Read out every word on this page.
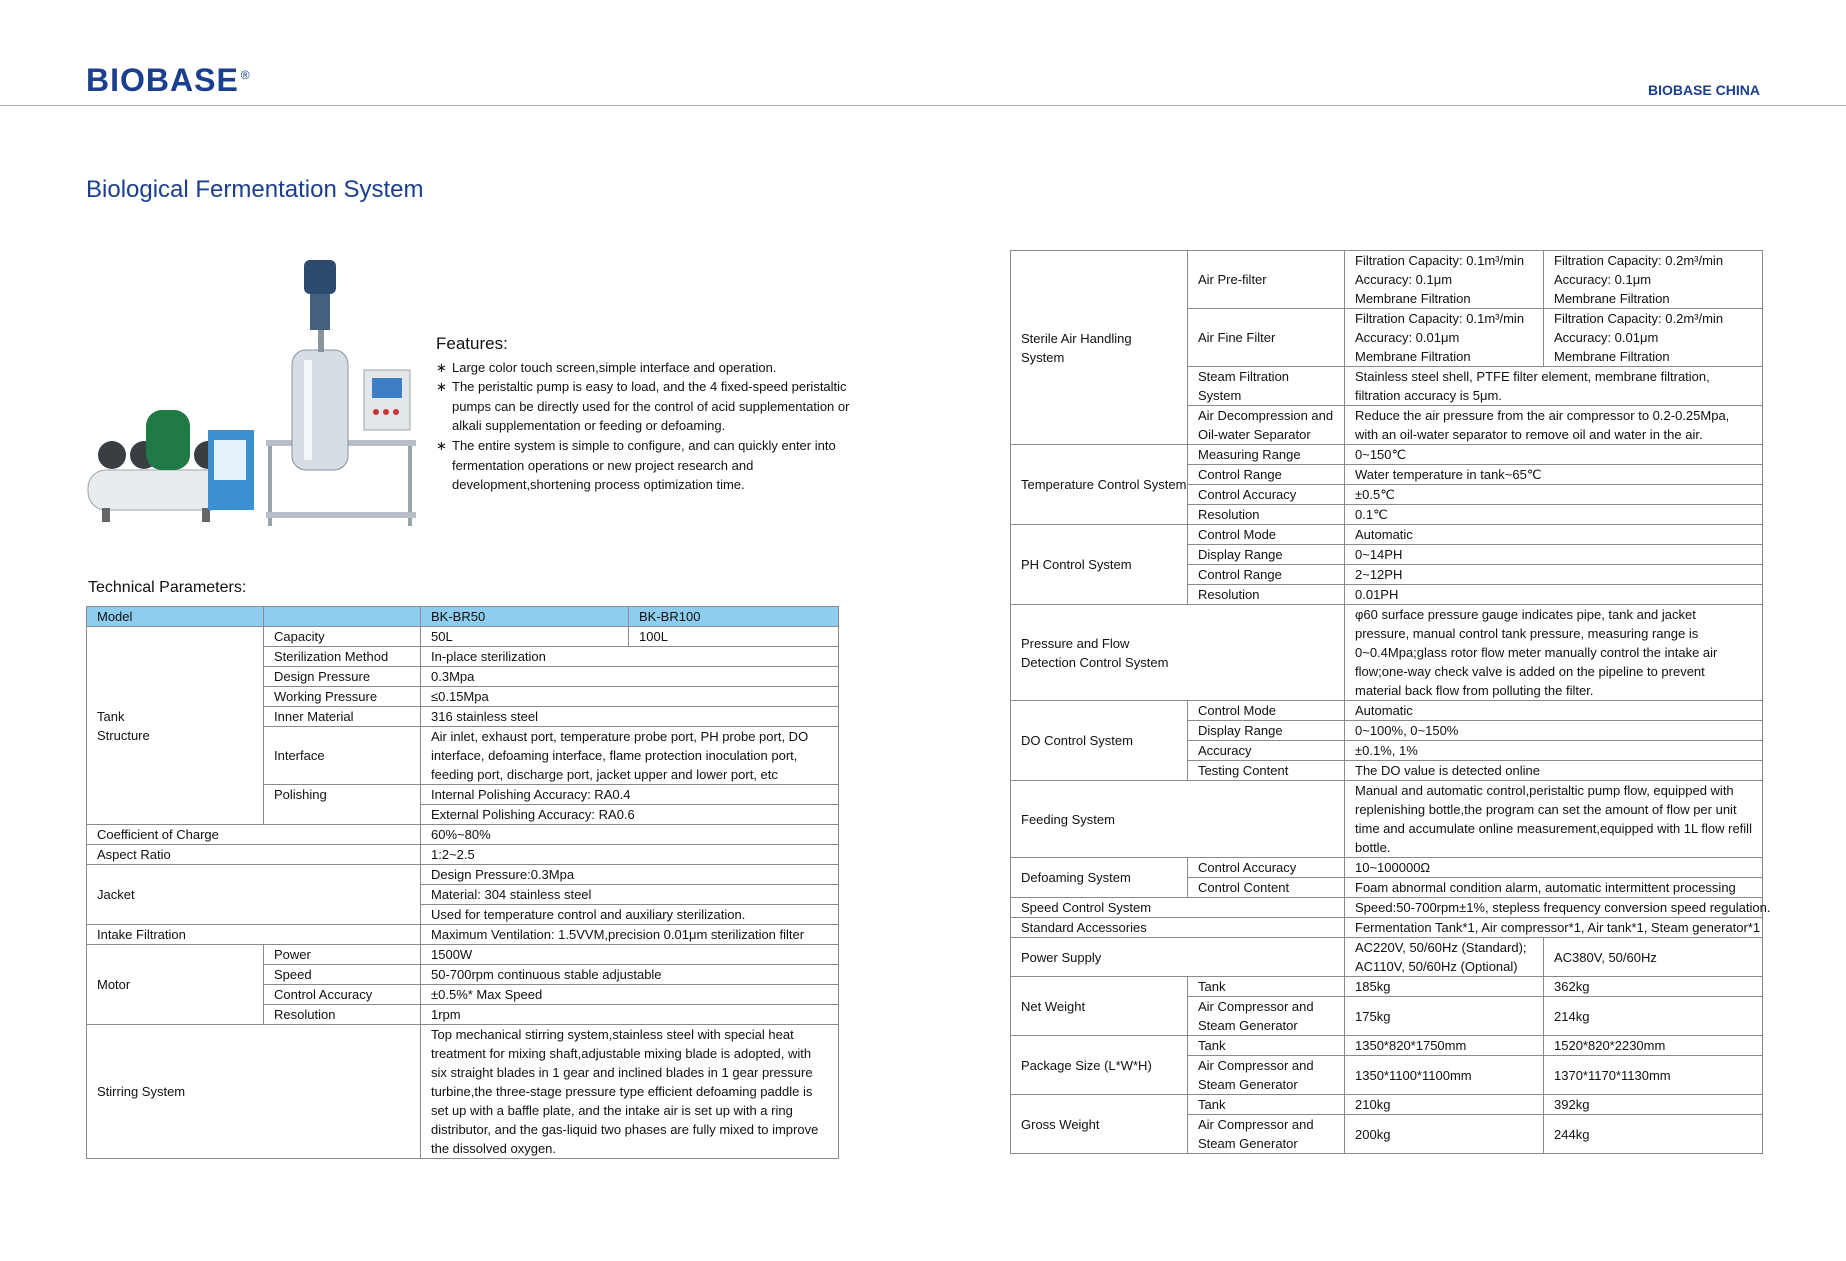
BIOBASE ®
BIOBASE CHINA
Biological Fermentation System
Features:
∗ Large color touch screen,simple interface and operation.
∗ The peristaltic pump is easy to load, and the 4 fixed-speed peristaltic pumps can be directly used for the control of acid supplementation or alkali supplementation or feeding or defoaming.
∗ The entire system is simple to configure, and can quickly enter into fermentation operations or new project research and development,shortening process optimization time.
Technical Parameters:
Model		BK-BR50	BK-BR100
Tank
Structure	Capacity	50L	100L
	Sterilization Method	In-place sterilization	
	Design Pressure	0.3Mpa	
	Working Pressure	≤0.15Mpa	
	Inner Material	316 stainless steel	
	Interface	Air inlet, exhaust port, temperature probe port, PH probe port, DO interface, defoaming interface, flame protection inoculation port, feeding port, discharge port, jacket upper and lower port, etc	

	Polishing	Internal Polishing Accuracy: RA0.4	
		External Polishing Accuracy: RA0.6	
Coefficient of Charge		60%~80%	
Aspect Ratio		1:2~2.5	
Jacket		Design Pressure:0.3Mpa	
		Material: 304 stainless steel	
		Used for temperature control and auxiliary sterilization.	
Intake Filtration		Maximum Ventilation: 1.5VVM,precision 0.01μm sterilization filter	
Motor	Power	1500W	
	Speed	50-700rpm continuous stable adjustable	
	Control Accuracy	±0.5%* Max Speed	
	Resolution	1rpm	
Stirring System		Top mechanical stirring system,stainless steel with special heat treatment for mixing shaft,adjustable mixing blade is adopted, with six straight blades in 1 gear and inclined blades in 1 gear pressure turbine,the three-stage pressure type efficient defoaming paddle is set up with a baffle plate, and the intake air is set up with a ring distributor, and the gas-liquid two phases are fully mixed to improve the dissolved oxygen.	

Sterile Air Handling System	Air Pre-filter	Filtration Capacity: 0.1m³/min
Accuracy: 0.1μm
Membrane Filtration	Filtration Capacity: 0.2m³/min
Accuracy: 0.1μm
Membrane Filtration

	Air Fine Filter	Filtration Capacity: 0.1m³/min
Accuracy: 0.01μm
Membrane Filtration	Filtration Capacity: 0.2m³/min
Accuracy: 0.01μm
Membrane Filtration

	Steam Filtration System	Stainless steel shell, PTFE filter element, membrane filtration, filtration accuracy is 5μm.	

	Air Decompression and Oil-water Separator	Reduce the air pressure from the air compressor to 0.2-0.25Mpa, with an oil-water separator to remove oil and water in the air.	

Temperature Control System	Measuring Range	0~150℃	
	Control Range	Water temperature in tank~65℃	
	Control Accuracy	±0.5℃	
	Resolution	0.1℃	
PH Control System	Control Mode	Automatic	
	Display Range	0~14PH	
	Control Range	2~12PH	
	Resolution	0.01PH	
Pressure and Flow
Detection Control System		φ60 surface pressure gauge indicates pipe, tank and jacket pressure, manual control tank pressure, measuring range is 0~0.4Mpa;glass rotor flow meter manually control the intake air flow;one-way check valve is added on the pipeline to prevent material back flow from polluting the filter.	

DO Control System	Control Mode	Automatic	
	Display Range	0~100%, 0~150%	
	Accuracy	±0.1%, 1%	
	Testing Content	The DO value is detected online	
Feeding System		Manual and automatic control,peristaltic pump flow, equipped with replenishing bottle,the program can set the amount of flow per unit time and accumulate online measurement,equipped with 1L flow refill bottle.	

Defoaming System	Control Accuracy	10~100000Ω	
	Control Content	Foam abnormal condition alarm, automatic intermittent processing	
Speed Control System		Speed:50-700rpm±1%, stepless frequency conversion speed regulation.	
Standard Accessories		Fermentation Tank*1, Air compressor*1, Air tank*1, Steam generator*1	
Power Supply		AC220V, 50/60Hz (Standard);
AC110V, 50/60Hz (Optional)	AC380V, 50/60Hz

Net Weight	Tank	185kg	362kg
	Air Compressor and Steam Generator	175kg	214kg

Package Size (L*W*H)	Tank	1350*820*1750mm	1520*820*2230mm
	Air Compressor and Steam Generator	1350*1100*1100mm	1370*1170*1130mm

Gross Weight	Tank	210kg	392kg
	Air Compressor and Steam Generator	200kg	244kg
